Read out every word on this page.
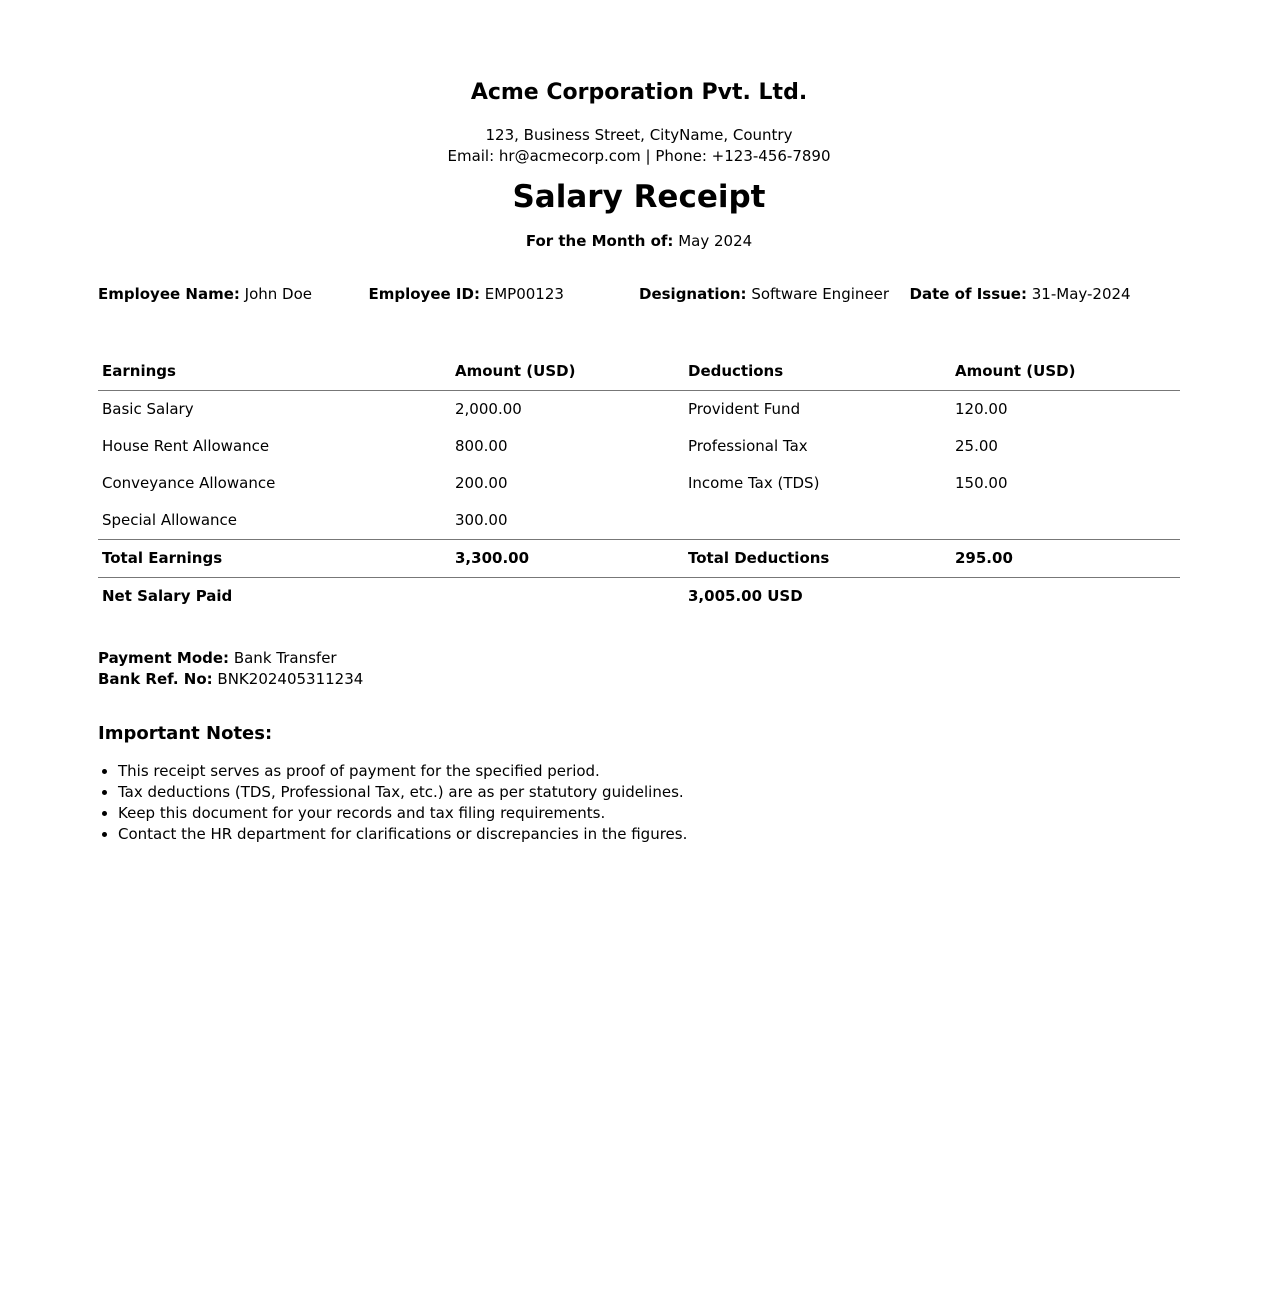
Acme Corporation Pvt. Ltd.
123, Business Street, CityName, Country
Email: hr@acmecorp.com | Phone: +123-456-7890
Salary Receipt
For the Month of: May 2024
Employee Name: John Doe	Employee ID: EMP00123	Designation: Software Engineer	Date of Issue: 31-May-2024
Earnings	Amount (USD)	Deductions	Amount (USD)
Basic Salary	2,000.00	Provident Fund	120.00
House Rent Allowance	800.00	Professional Tax	25.00
Conveyance Allowance	200.00	Income Tax (TDS)	150.00
Special Allowance	300.00		
Total Earnings	3,300.00	Total Deductions	295.00
Net Salary Paid		3,005.00 USD	
Payment Mode: Bank Transfer
Bank Ref. No: BNK202405311234
Important Notes:
• This receipt serves as proof of payment for the specified period.
• Tax deductions (TDS, Professional Tax, etc.) are as per statutory guidelines.
• Keep this document for your records and tax filing requirements.
• Contact the HR department for clarifications or discrepancies in the figures.
